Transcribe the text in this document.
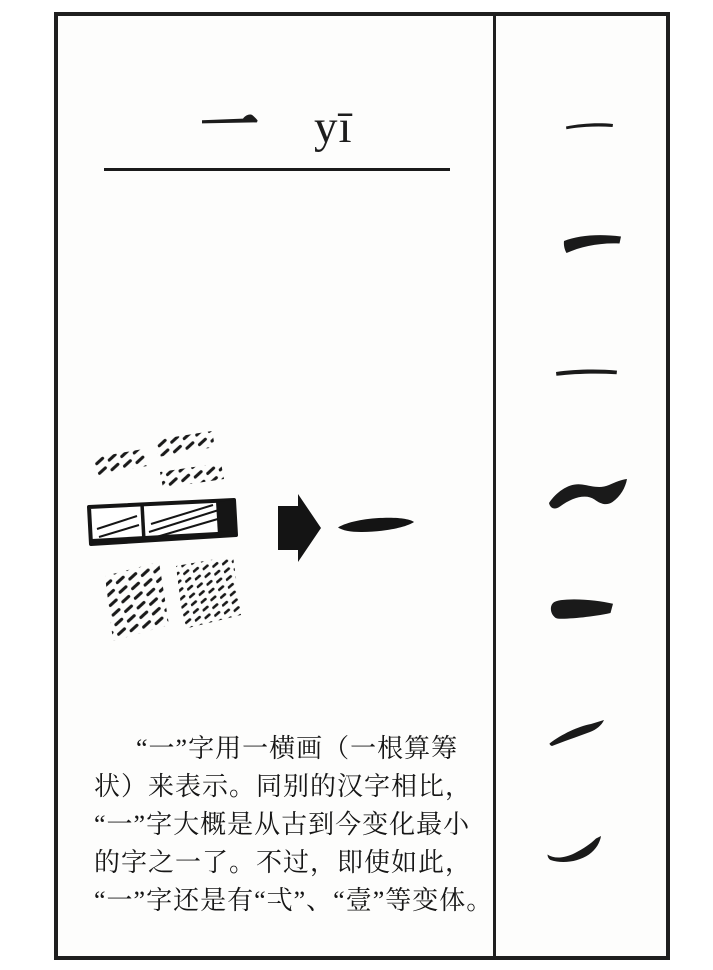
yī
“一”字用一横画（一根算筹
状）来表示。同别的汉字相比，
“一”字大概是从古到今变化最小
的字之一了。不过，即使如此，
“一”字还是有“弌”、“壹”等变体。
